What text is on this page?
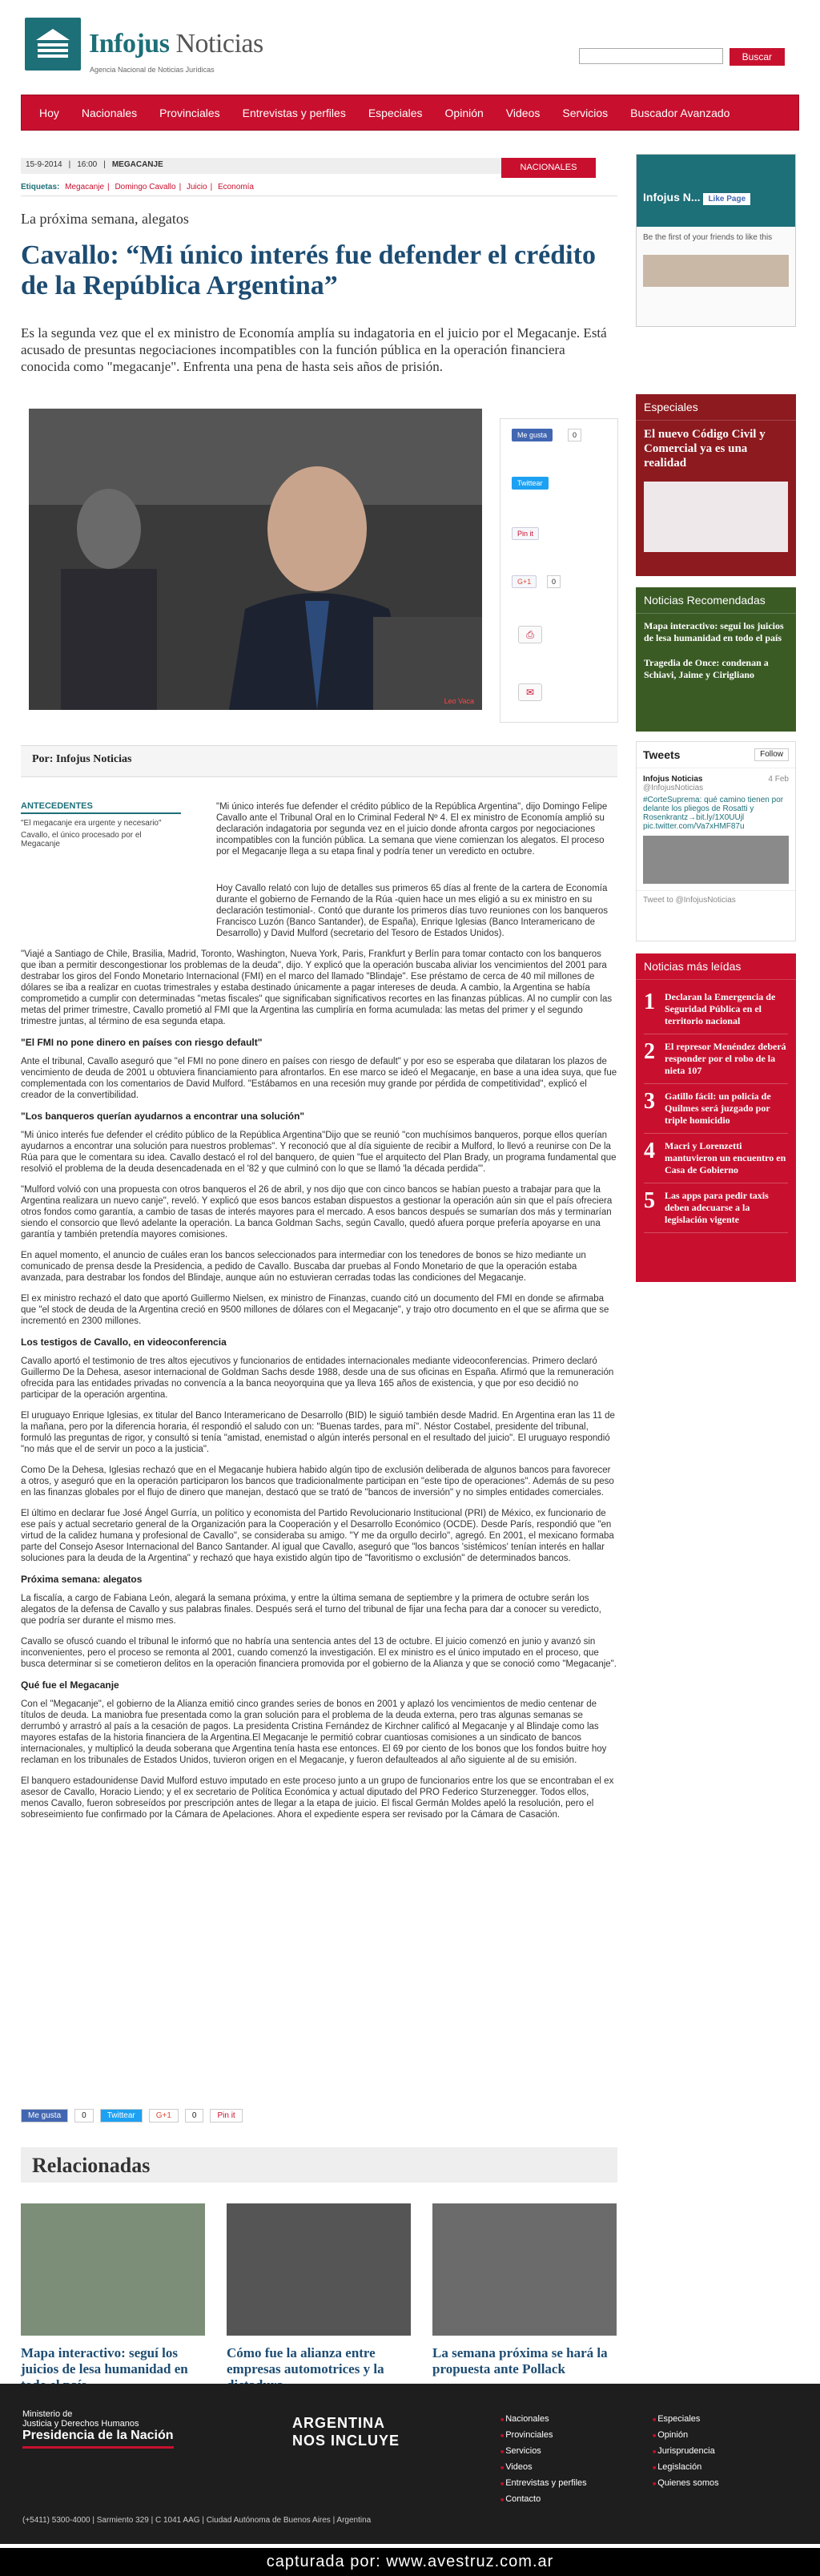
Infojus Noticias
Agencia Nacional de Noticias Jurídicas
Buscar
Hoy	Nacionales	Provinciales	Entrevistas y perfiles	Especiales	Opinión	Videos	Servicios	Buscador Avanzado
15-9-2014 | 16:00 | MEGACANJE	NACIONALES
Etiquetas: Megacanje | Domingo Cavallo | Juicio | Economía
La próxima semana, alegatos
Cavallo: “Mi único interés fue defender el crédito de la República Argentina”
Es la segunda vez que el ex ministro de Economía amplía su indagatoria en el juicio por el Megacanje. Está acusado de presuntas negociaciones incompatibles con la función pública en la operación financiera conocida como "megacanje". Enfrenta una pena de hasta seis años de prisión.
Leo Vaca
Me gusta	0
Twittear
Pin it
G+1	0
⎙
✉
Por: Infojus Noticias
ANTECEDENTES
"El megacanje era urgente y necesario"
Cavallo, el único procesado por el Megacanje
"Mi único interés fue defender el crédito público de la República Argentina", dijo Domingo Felipe Cavallo ante el Tribunal Oral en lo Criminal Federal Nº 4. El ex ministro de Economía amplió su declaración indagatoria por segunda vez en el juicio donde afronta cargos por negociaciones incompatibles con la función pública. La semana que viene comienzan los alegatos. El proceso por el Megacanje llega a su etapa final y podría tener un veredicto en octubre.

Hoy Cavallo relató con lujo de detalles sus primeros 65 días al frente de la cartera de Economía durante el gobierno de Fernando de la Rúa -quien hace un mes eligió a su ex ministro en su declaración testimonial-. Contó que durante los primeros días tuvo reuniones con los banqueros Francisco Luzón (Banco Santander), de España), Enrique Iglesias (Banco Interamericano de Desarrollo) y David Mulford (secretario del Tesoro de Estados Unidos).

"Viajé a Santiago de Chile, Brasilia, Madrid, Toronto, Washington, Nueva York, Paris, Frankfurt y Berlín para tomar contacto con los banqueros que iban a permitir descongestionar los problemas de la deuda", dijo. Y explicó que la operación buscaba aliviar los vencimientos del 2001 para destrabar los giros del Fondo Monetario Internacional (FMI) en el marco del llamado "Blindaje". Ese préstamo de cerca de 40 mil millones de dólares se iba a realizar en cuotas trimestrales y estaba destinado únicamente a pagar intereses de deuda. A cambio, la Argentina se había comprometido a cumplir con determinadas "metas fiscales" que significaban significativos recortes en las finanzas públicas. Al no cumplir con las metas del primer trimestre, Cavallo prometió al FMI que la Argentina las cumpliría en forma acumulada: las metas del primer y el segundo trimestre juntas, al término de esa segunda etapa.

"El FMI no pone dinero en países con riesgo default"

Ante el tribunal, Cavallo aseguró que "el FMI no pone dinero en países con riesgo de default" y por eso se esperaba que dilataran los plazos de vencimiento de deuda de 2001 u obtuviera financiamiento para afrontarlos. En ese marco se ideó el Megacanje, en base a una idea suya, que fue complementada con los comentarios de David Mulford. "Estábamos en una recesión muy grande por pérdida de competitividad", explicó el creador de la convertibilidad.

"Los banqueros querían ayudarnos a encontrar una solución"

"Mi único interés fue defender el crédito público de la República Argentina"Dijo que se reunió "con muchísimos banqueros, porque ellos querían ayudarnos a encontrar una solución para nuestros problemas". Y reconoció que al día siguiente de recibir a Mulford, lo llevó a reunirse con De la Rúa para que le comentara su idea. Cavallo destacó el rol del banquero, de quien "fue el arquitecto del Plan Brady, un programa fundamental que resolvió el problema de la deuda desencadenada en el '82 y que culminó con lo que se llamó 'la década perdida'".

"Mulford volvió con una propuesta con otros banqueros el 26 de abril, y nos dijo que con cinco bancos se habían puesto a trabajar para que la Argentina realizara un nuevo canje", reveló. Y explicó que esos bancos estaban dispuestos a gestionar la operación aún sin que el país ofreciera otros fondos como garantía, a cambio de tasas de interés mayores para el mercado. A esos bancos después se sumarían dos más y terminarían siendo el consorcio que llevó adelante la operación. La banca Goldman Sachs, según Cavallo, quedó afuera porque prefería apoyarse en una garantía y también pretendía mayores comisiones.

En aquel momento, el anuncio de cuáles eran los bancos seleccionados para intermediar con los tenedores de bonos se hizo mediante un comunicado de prensa desde la Presidencia, a pedido de Cavallo. Buscaba dar pruebas al Fondo Monetario de que la operación estaba avanzada, para destrabar los fondos del Blindaje, aunque aún no estuvieran cerradas todas las condiciones del Megacanje.

El ex ministro rechazó el dato que aportó Guillermo Nielsen, ex ministro de Finanzas, cuando citó un documento del FMI en donde se afirmaba que "el stock de deuda de la Argentina creció en 9500 millones de dólares con el Megacanje", y trajo otro documento en el que se afirma que se incrementó en 2300 millones.

Los testigos de Cavallo, en videoconferencia

Cavallo aportó el testimonio de tres altos ejecutivos y funcionarios de entidades internacionales mediante videoconferencias. Primero declaró Guillermo De la Dehesa, asesor internacional de Goldman Sachs desde 1988, desde una de sus oficinas en España. Afirmó que la remuneración ofrecida para las entidades privadas no convencía a la banca neoyorquina que ya lleva 165 años de existencia, y que por eso decidió no participar de la operación argentina.

El uruguayo Enrique Iglesias, ex titular del Banco Interamericano de Desarrollo (BID) le siguió también desde Madrid. En Argentina eran las 11 de la mañana, pero por la diferencia horaria, él respondió el saludo con un: "Buenas tardes, para mí". Néstor Costabel, presidente del tribunal, formuló las preguntas de rigor, y consultó si tenía "amistad, enemistad o algún interés personal en el resultado del juicio". El uruguayo respondió "no más que el de servir un poco a la justicia".

Como De la Dehesa, Iglesias rechazó que en el Megacanje hubiera habido algún tipo de exclusión deliberada de algunos bancos para favorecer a otros, y aseguró que en la operación participaron los bancos que tradicionalmente participan en "este tipo de operaciones". Además de su peso en las finanzas globales por el flujo de dinero que manejan, destacó que se trató de "bancos de inversión" y no simples entidades comerciales.

El último en declarar fue José Ángel Gurría, un político y economista del Partido Revolucionario Institucional (PRI) de México, ex funcionario de ese país y actual secretario general de la Organización para la Cooperación y el Desarrollo Económico (OCDE). Desde París, respondió que "en virtud de la calidez humana y profesional de Cavallo", se consideraba su amigo. "Y me da orgullo decirlo", agregó. En 2001, el mexicano formaba parte del Consejo Asesor Internacional del Banco Santander. Al igual que Cavallo, aseguró que "los bancos 'sistémicos' tenían interés en hallar soluciones para la deuda de la Argentina" y rechazó que haya existido algún tipo de "favoritismo o exclusión" de determinados bancos.

Próxima semana: alegatos

La fiscalía, a cargo de Fabiana León, alegará la semana próxima, y entre la última semana de septiembre y la primera de octubre serán los alegatos de la defensa de Cavallo y sus palabras finales. Después será el turno del tribunal de fijar una fecha para dar a conocer su veredicto, que podría ser durante el mismo mes.

Cavallo se ofuscó cuando el tribunal le informó que no habría una sentencia antes del 13 de octubre. El juicio comenzó en junio y avanzó sin inconvenientes, pero el proceso se remonta al 2001, cuando comenzó la investigación. El ex ministro es el único imputado en el proceso, que busca determinar si se cometieron delitos en la operación financiera promovida por el gobierno de la Alianza y que se conoció como "Megacanje".

Qué fue el Megacanje

Con el "Megacanje", el gobierno de la Alianza emitió cinco grandes series de bonos en 2001 y aplazó los vencimientos de medio centenar de títulos de deuda. La maniobra fue presentada como la gran solución para el problema de la deuda externa, pero tras algunas semanas se derrumbó y arrastró al país a la cesación de pagos. La presidenta Cristina Fernández de Kirchner calificó al Megacanje y al Blindaje como las mayores estafas de la historia financiera de la Argentina.El Megacanje le permitió cobrar cuantiosas comisiones a un sindicato de bancos internacionales, y multiplicó la deuda soberana que Argentina tenía hasta ese entonces. El 69 por ciento de los bonos que los fondos buitre hoy reclaman en los tribunales de Estados Unidos, tuvieron origen en el Megacanje, y fueron defaulteados al año siguiente al de su emisión.

El banquero estadounidense David Mulford estuvo imputado en este proceso junto a un grupo de funcionarios entre los que se encontraban el ex asesor de Cavallo, Horacio Liendo; y el ex secretario de Política Económica y actual diputado del PRO Federico Sturzenegger. Todos ellos, menos Cavallo, fueron sobreseídos por prescripción antes de llegar a la etapa de juicio. El fiscal Germán Moldes apeló la resolución, pero el sobreseimiento fue confirmado por la Cámara de Apelaciones. Ahora el expediente espera ser revisado por la Cámara de Casación.

Me gusta	0	Twittear	G+1	0	Pin it
Relacionadas
Mapa interactivo: seguí los juicios de lesa humanidad en
Cómo fue la alianza entre empresas automotrices y la
La semana próxima se hará la propuesta ante Pollack
Infojus N... Like Page
Be the first of your friends to like this
Especiales
El nuevo Código Civil y Comercial ya es una realidad
Noticias Recomendadas
Mapa interactivo: seguí los juicios de lesa humanidad en todo el país
Tragedia de Once: condenan a Schiavi, Jaime y Cirigliano
Tweets	Follow
Infojus Noticias	4 Feb
@InfojusNoticias
#CorteSuprema: qué camino tienen por delante los pliegos de Rosatti y Rosenkrantz→bit.ly/1X0UUjl pic.twitter.com/Va7xHMF87u
Tweet to @InfojusNoticias
Noticias más leídas
1 Declaran la Emergencia de Seguridad Pública en el territorio nacional
2 El represor Menéndez deberá responder por el robo de la nieta 107
3 Gatillo fácil: un policía de Quilmes será juzgado por triple homicidio
4 Macri y Lorenzetti mantuvieron un encuentro en Casa de Gobierno
5 Las apps para pedir taxis deben adecuarse a la legislación vigente
Ministerio de
Justicia y Derechos Humanos
Presidencia de la Nación
(+5411) 5300-4000 | Sarmiento 329 | C 1041 AAG | Ciudad Autónoma de Buenos Aires | Argentina
ARGENTINA
NOS INCLUYE
■ Nacionales
■ Provinciales
■ Servicios
■ Videos
■ Entrevistas y perfiles
■ Contacto
■ Especiales
■ Opinión
■ Jurisprudencia
■ Legislación
■ Quienes somos
capturada por: www.avestruz.com.ar
